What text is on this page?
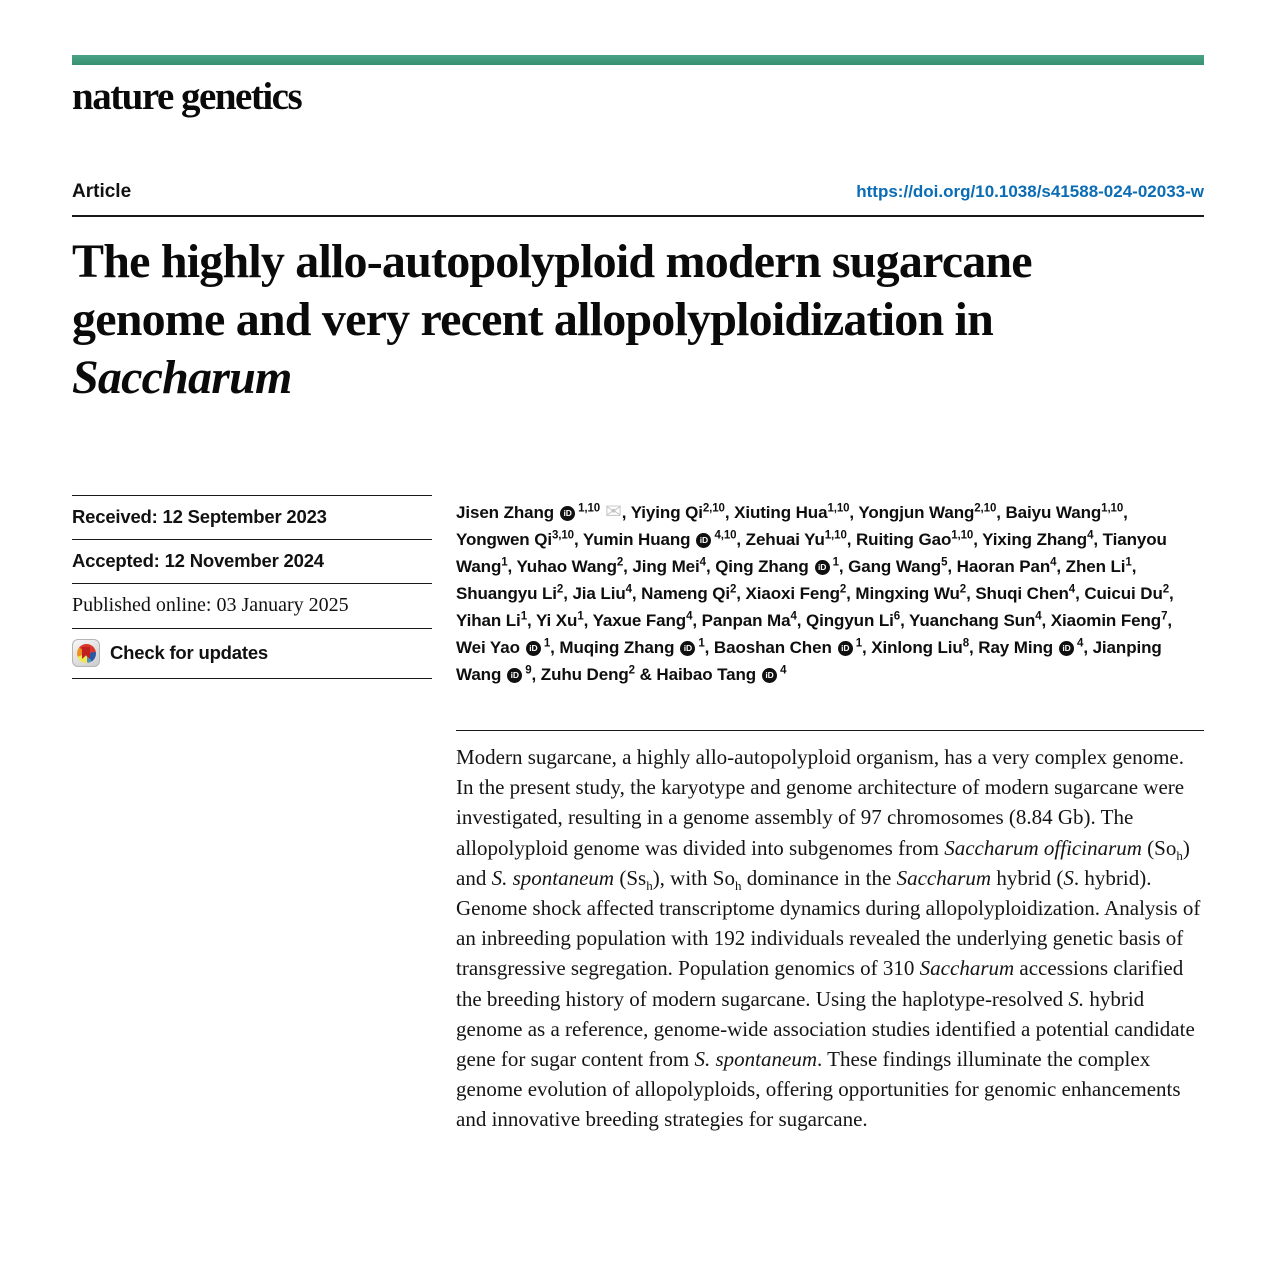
nature genetics
Article	https://doi.org/10.1038/s41588-024-02033-w
The highly allo-autopolyploid modern sugarcane genome and very recent allopolyploidization in Saccharum
Received: 12 September 2023
Accepted: 12 November 2024
Published online: 03 January 2025
Check for updates

Jisen Zhang iD $^{1,10}$ ✉, Yiying Qi$^{2,10}$, Xiuting Hua$^{1,10}$, Yongjun Wang$^{2,10}$, Baiyu Wang$^{1,10}$, Yongwen Qi$^{3,10}$, Yumin Huang iD $^{4,10}$, Zehuai Yu$^{1,10}$, Ruiting Gao$^{1,10}$, Yixing Zhang$^4$, Tianyou Wang$^1$, Yuhao Wang$^2$, Jing Mei$^4$, Qing Zhang iD $^1$, Gang Wang$^5$, Haoran Pan$^4$, Zhen Li$^1$, Shuangyu Li$^2$, Jia Liu$^4$, Nameng Qi$^2$, Xiaoxi Feng$^2$, Mingxing Wu$^2$, Shuqi Chen$^4$, Cuicui Du$^2$, Yihan Li$^1$, Yi Xu$^1$, Yaxue Fang$^4$, Panpan Ma$^4$, Qingyun Li$^6$, Yuanchang Sun$^4$, Xiaomin Feng$^7$, Wei Yao iD $^1$, Muqing Zhang iD $^1$, Baoshan Chen iD $^1$, Xinlong Liu$^8$, Ray Ming iD $^4$, Jianping Wang iD $^9$, Zuhu Deng$^2$ & Haibao Tang iD $^4$

Modern sugarcane, a highly allo-autopolyploid organism, has a very complex genome. In the present study, the karyotype and genome architecture of modern sugarcane were investigated, resulting in a genome assembly of 97 chromosomes (8.84 Gb). The allopolyploid genome was divided into subgenomes from Saccharum officinarum $(So_h)$ and S. spontaneum $(Ss_h)$, with $So_h$ dominance in the Saccharum hybrid (S. hybrid). Genome shock affected transcriptome dynamics during allopolyploidization. Analysis of an inbreeding population with 192 individuals revealed the underlying genetic basis of transgressive segregation. Population genomics of 310 Saccharum accessions clarified the breeding history of modern sugarcane. Using the haplotype-resolved S. hybrid genome as a reference, genome-wide association studies identified a potential candidate gene for sugar content from S. spontaneum. These findings illuminate the complex genome evolution of allopolyploids, offering opportunities for genomic enhancements and innovative breeding strategies for sugarcane.
